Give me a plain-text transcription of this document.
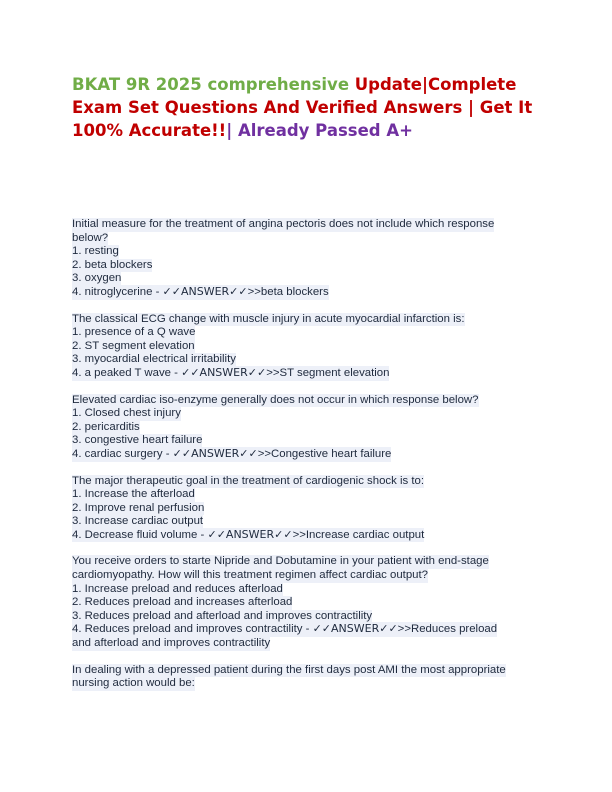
BKAT 9R 2025 comprehensive Update|Complete Exam Set Questions And Verified Answers | Get It 100% Accurate!!| Already Passed A+
Initial measure for the treatment of angina pectoris does not include which response
below?
1. resting
2. beta blockers
3. oxygen
4. nitroglycerine - ✓✓ANSWER✓✓>>beta blockers
The classical ECG change with muscle injury in acute myocardial infarction is:
1. presence of a Q wave
2. ST segment elevation
3. myocardial electrical irritability
4. a peaked T wave - ✓✓ANSWER✓✓>>ST segment elevation
Elevated cardiac iso-enzyme generally does not occur in which response below?
1. Closed chest injury
2. pericarditis
3. congestive heart failure
4. cardiac surgery - ✓✓ANSWER✓✓>>Congestive heart failure
The major therapeutic goal in the treatment of cardiogenic shock is to:
1. Increase the afterload
2. Improve renal perfusion
3. Increase cardiac output
4. Decrease fluid volume - ✓✓ANSWER✓✓>>Increase cardiac output
You receive orders to starte Nipride and Dobutamine in your patient with end-stage
cardiomyopathy. How will this treatment regimen affect cardiac output?
1. Increase preload and reduces afterload
2. Reduces preload and increases afterload
3. Reduces preload and afterload and improves contractility
4. Reduces preload and improves contractility - ✓✓ANSWER✓✓>>Reduces preload
and afterload and improves contractility
In dealing with a depressed patient during the first days post AMI the most appropriate
nursing action would be:
